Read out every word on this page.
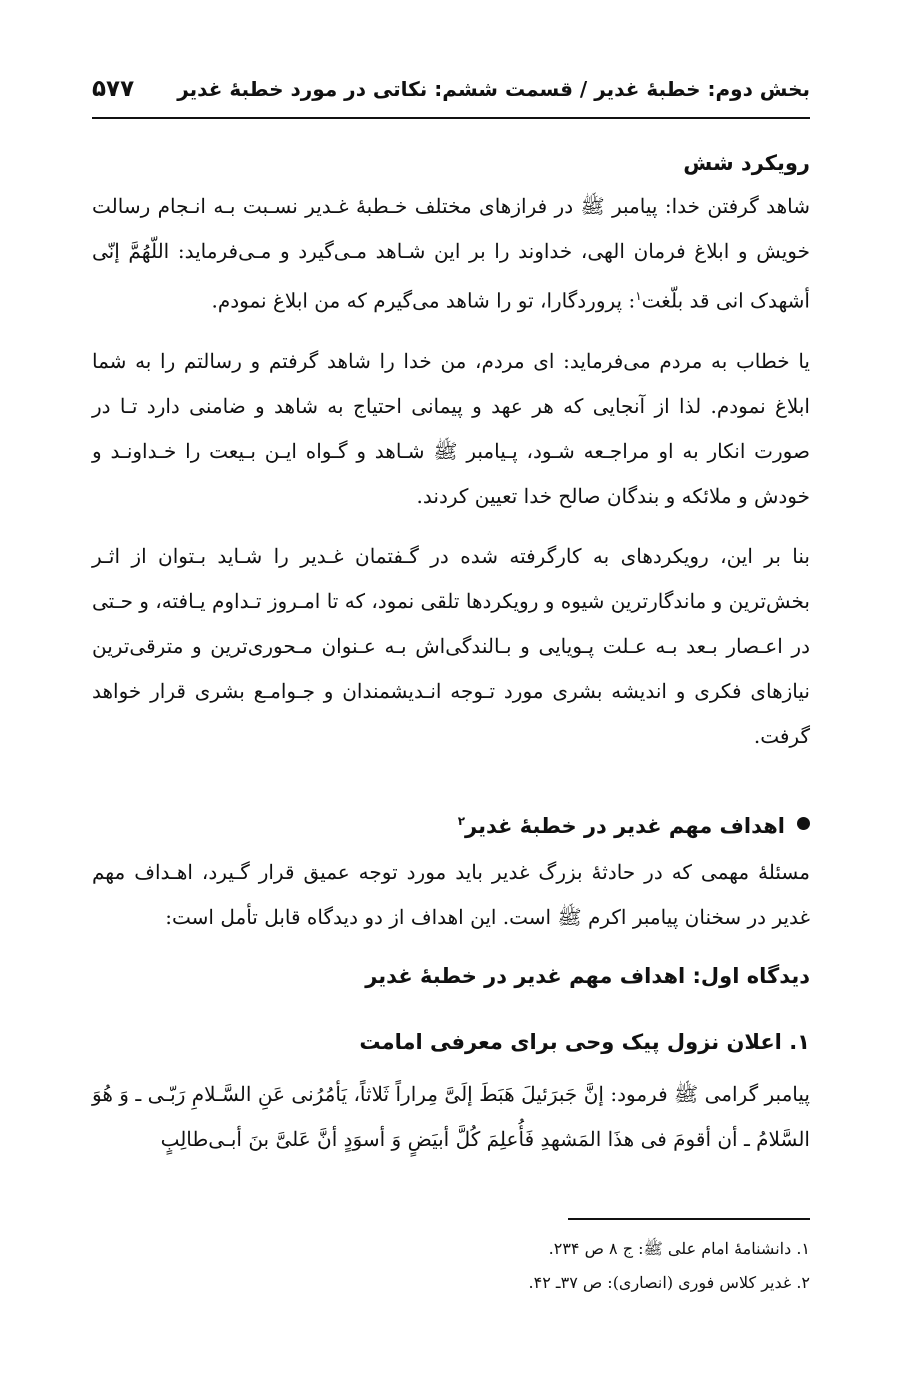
بخش دوم: خطبۀ غدیر / قسمت ششم: نکاتی در مورد خطبۀ غدیر
۵۷۷
رویکرد شش

شاهد گرفتن خدا: پیامبر ﷺ در فرازهای مختلف خـطبۀ غـدیر نسـبت بـه انـجام رسالت خویش و ابلاغ فرمان الهی، خداوند را بر این شـاهد مـی‌گیرد و مـی‌فرماید: اللّهُمَّ إنّی أشهدک انی قد بلّغت$^۱$: پروردگارا، تو را شاهد می‌گیرم که من ابلاغ نمودم.

یا خطاب به مردم می‌فرماید: ای مردم، من خدا را شاهد گرفتم و رسالتم را به شما ابلاغ نمودم. لذا از آنجایی که هر عهد و پیمانی احتیاج به شاهد و ضامنی دارد تـا در صورت انکار به او مراجـعه شـود، پـیامبر ﷺ شـاهد و گـواه ایـن بـیعت را خـداونـد و خودش و ملائکه و بندگان صالح خدا تعیین کردند.

بنا بر این، رویکردهای به کارگرفته شده در گـفتمان غـدیر را شـاید بـتوان از اثـر بخش‌ترین و ماندگارترین شیوه و رویکردها تلقی نمود، که تا امـروز تـداوم یـافته، و حـتی در اعـصار بـعد بـه عـلت پـویایی و بـالندگی‌اش بـه عـنوان مـحوری‌ترین و مترقی‌ترین نیازهای فکری و اندیشه بشری مورد تـوجه انـدیشمندان و جـوامـع بشری قرار خواهد گرفت.

اهداف مهم غدیر در خطبۀ غدیر$^۲$

مسئلۀ مهمی که در حادثۀ بزرگ غدیر باید مورد توجه عمیق قرار گـیرد، اهـداف مهم غدیر در سخنان پیامبر اکرم ﷺ است. این اهداف از دو دیدگاه قابل تأمل است:

دیدگاه اول: اهداف مهم غدیر در خطبۀ غدیر
۱. اعلان نزول پیک وحی برای معرفی امامت

پیامبر گرامی ﷺ فرمود: إنَّ جَبرَئیلَ هَبَطَ إلَیَّ مِراراً ثَلاثاً، یَأمُرُنی عَنِ السَّـلامِ رَبّـی ـ وَ هُوَ السَّلامُ ـ أن أقومَ فی هذَا المَشهدِ فَأُعلِمَ کُلَّ أبیَضٍ وَ أسوَدٍ أنَّ عَلیَّ بنَ أبـی‌طالِبٍ

۱. دانشنامۀ امام علی ﷺ: ج ۸ ص ۲۳۴.
۲. غدیر کلاس فوری (انصاری): ص ۳۷ـ ۴۲.
